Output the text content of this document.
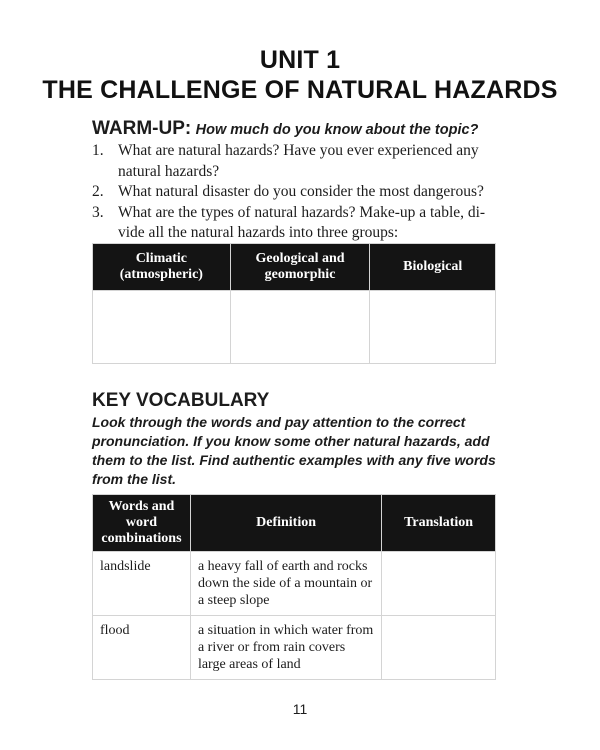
UNIT 1
THE CHALLENGE OF NATURAL HAZARDS
WARM-UP: How much do you know about the topic?
1. What are natural hazards? Have you ever experienced any natural hazards?
2. What natural disaster do you consider the most dangerous?
3. What are the types of natural hazards? Make-up a table, di-vide all the natural hazards into three groups:
Climatic (atmospheric)	Geological and geomorphic	Biological

KEY VOCABULARY
Look through the words and pay attention to the correct pronunciation. If you know some other natural hazards, add them to the list. Find authentic examples with any five words from the list.
Words and word combinations	Definition	Translation
landslide	a heavy fall of earth and rocks down the side of a mountain or a steep slope	
flood	a situation in which water from a river or from rain covers large areas of land	
11
